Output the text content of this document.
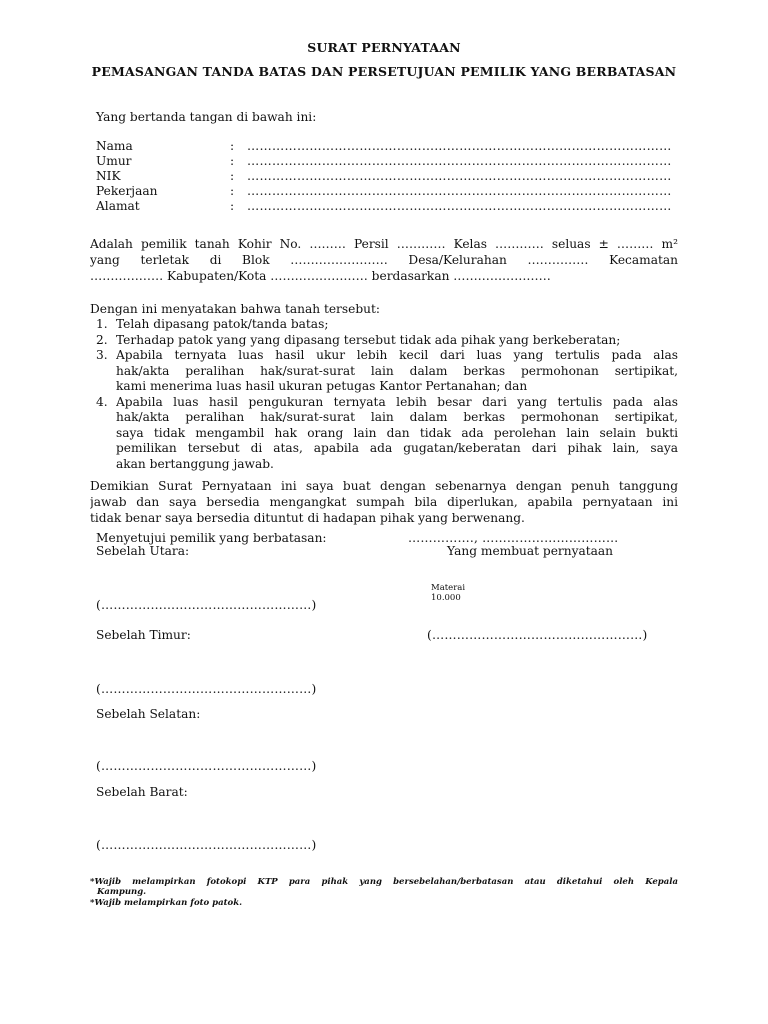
SURAT PERNYATAAN
PEMASANGAN TANDA BATAS DAN PERSETUJUAN PEMILIK YANG BERBATASAN
Yang bertanda tangan di bawah ini:
Nama	: …………………………………………………………………………………………
Umur	: …………………………………………………………………………………………
NIK	: …………………………………………………………………………………………
Pekerjaan	: …………………………………………………………………………………………
Alamat	: …………………………………………………………………………………………
Adalah pemilik tanah Kohir No. ……… Persil ………… Kelas ………… seluas ± ……… m²
yang terletak di Blok …………………… Desa/Kelurahan …………… Kecamatan
……………… Kabupaten/Kota …………………… berdasarkan ……………………
Dengan ini menyatakan bahwa tanah tersebut:
1. Telah dipasang patok/tanda batas;
2. Terhadap patok yang yang dipasang tersebut tidak ada pihak yang berkeberatan;
3. Apabila ternyata luas hasil ukur lebih kecil dari luas yang tertulis pada alas
hak/akta peralihan hak/surat-surat lain dalam berkas permohonan sertipikat,
kami menerima luas hasil ukuran petugas Kantor Pertanahan; dan
4. Apabila luas hasil pengukuran ternyata lebih besar dari yang tertulis pada alas
hak/akta peralihan hak/surat-surat lain dalam berkas permohonan sertipikat,
saya tidak mengambil hak orang lain dan tidak ada perolehan lain selain bukti
pemilikan tersebut di atas, apabila ada gugatan/keberatan dari pihak lain, saya
akan bertanggung jawab.
Demikian Surat Pernyataan ini saya buat dengan sebenarnya dengan penuh tanggung
jawab dan saya bersedia mengangkat sumpah bila diperlukan, apabila pernyataan ini
tidak benar saya bersedia dituntut di hadapan pihak yang berwenang.
Menyetujui pemilik yang berbatasan:	……………., ……………………………
Sebelah Utara:	Yang membuat pernyataan
Materai
10.000
(……………………………………………)
Sebelah Timur:	(……………………………………………)
(……………………………………………)
Sebelah Selatan:
(……………………………………………)
Sebelah Barat:
(……………………………………………)
*Wajib melampirkan fotokopi KTP para pihak yang bersebelahan/berbatasan atau diketahui oleh Kepala
Kampung.
*Wajib melampirkan foto patok.
